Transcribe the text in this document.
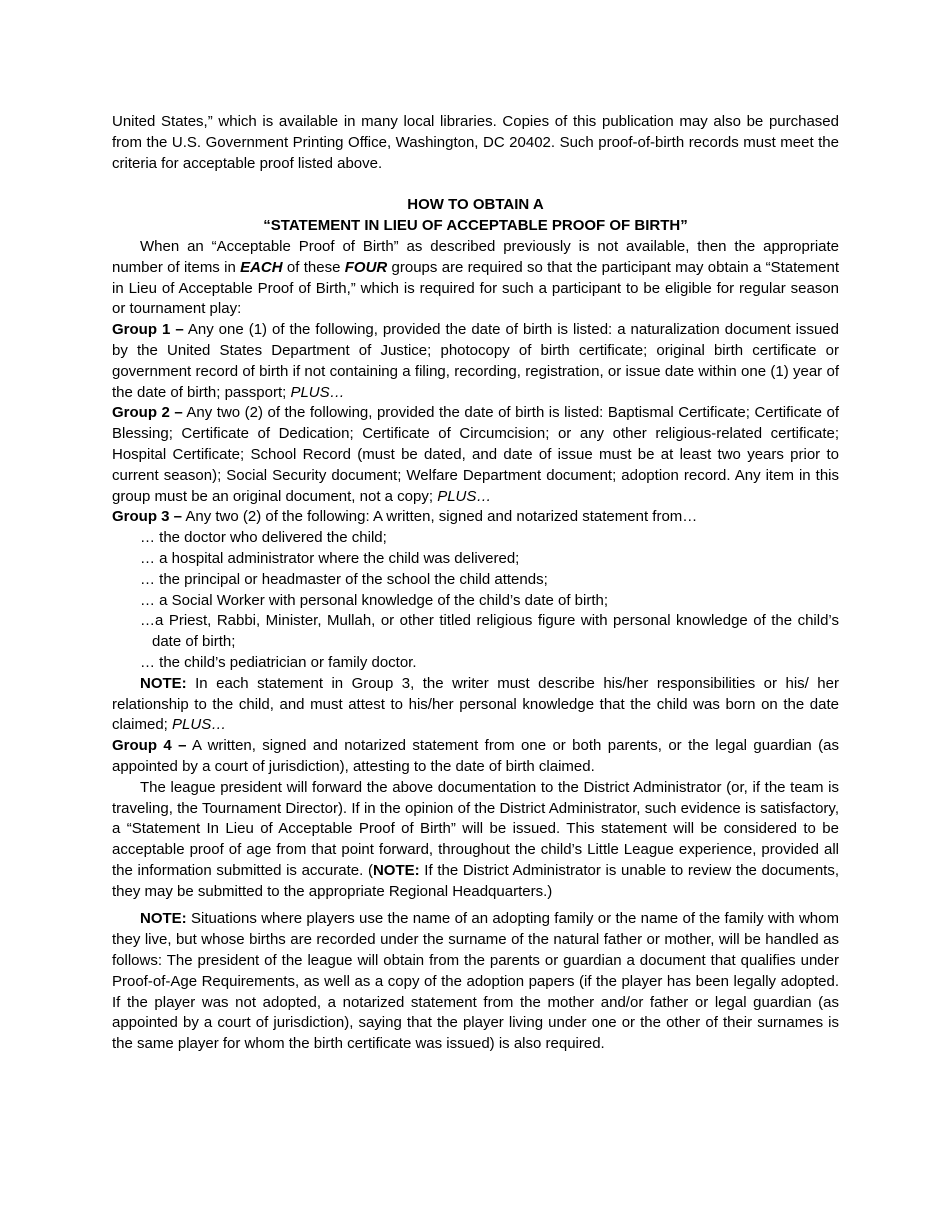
United States,” which is available in many local libraries. Copies of this publication may also be purchased from the U.S. Government Printing Office, Washington, DC 20402. Such proof-of-birth records must meet the criteria for acceptable proof listed above.

HOW TO OBTAIN A

“STATEMENT IN LIEU OF ACCEPTABLE PROOF OF BIRTH”

When an “Acceptable Proof of Birth” as described previously is not available, then the appropriate number of items in EACH of these FOUR groups are required so that the participant may obtain a “Statement in Lieu of Acceptable Proof of Birth,” which is required for such a participant to be eligible for regular season or tournament play:

Group 1 – Any one (1) of the following, provided the date of birth is listed: a naturalization document issued by the United States Department of Justice; photocopy of birth certificate; original birth certificate or government record of birth if not containing a filing, recording, registration, or issue date within one (1) year of the date of birth; passport; PLUS…

Group 2 – Any two (2) of the following, provided the date of birth is listed: Baptismal Certificate; Certificate of Blessing; Certificate of Dedication; Certificate of Circumcision; or any other religious-related certificate; Hospital Certificate; School Record (must be dated, and date of issue must be at least two years prior to current season); Social Security document; Welfare Department document; adoption record. Any item in this group must be an original document, not a copy; PLUS…

Group 3 – Any two (2) of the following: A written, signed and notarized statement from…

… the doctor who delivered the child;

… a hospital administrator where the child was delivered;

… the principal or headmaster of the school the child attends;

… a Social Worker with personal knowledge of the child’s date of birth;

…a Priest, Rabbi, Minister, Mullah, or other titled religious figure with personal knowledge of the child’s date of birth;

… the child’s pediatrician or family doctor.

NOTE: In each statement in Group 3, the writer must describe his/her responsibilities or his/ her relationship to the child, and must attest to his/her personal knowledge that the child was born on the date claimed; PLUS…

Group 4 – A written, signed and notarized statement from one or both parents, or the legal guardian (as appointed by a court of jurisdiction), attesting to the date of birth claimed.

The league president will forward the above documentation to the District Administrator (or, if the team is traveling, the Tournament Director). If in the opinion of the District Administrator, such evidence is satisfactory, a “Statement In Lieu of Acceptable Proof of Birth” will be issued. This statement will be considered to be acceptable proof of age from that point forward, throughout the child’s Little League experience, provided all the information submitted is accurate. (NOTE: If the District Administrator is unable to review the documents, they may be submitted to the appropriate Regional Headquarters.)

NOTE: Situations where players use the name of an adopting family or the name of the family with whom they live, but whose births are recorded under the surname of the natural father or mother, will be handled as follows: The president of the league will obtain from the parents or guardian a document that qualifies under Proof-of-Age Requirements, as well as a copy of the adoption papers (if the player has been legally adopted. If the player was not adopted, a notarized statement from the mother and/or father or legal guardian (as appointed by a court of jurisdiction), saying that the player living under one or the other of their surnames is the same player for whom the birth certificate was issued) is also required.
